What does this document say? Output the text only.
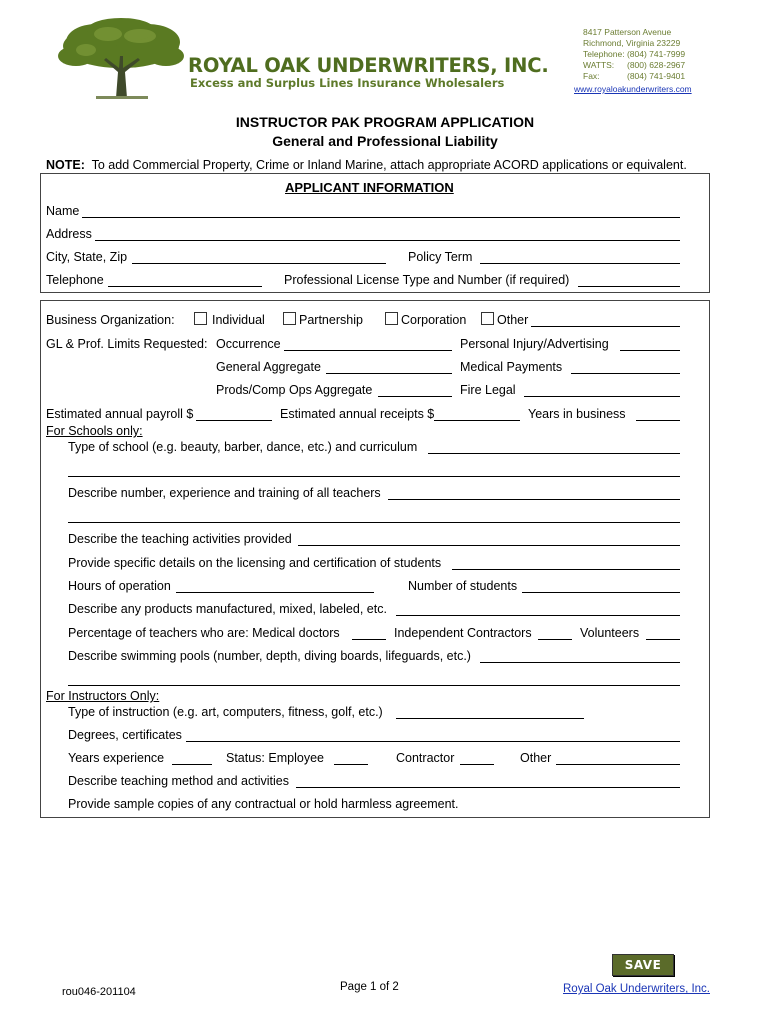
ROYAL OAK UNDERWRITERS, INC.
Excess and Surplus Lines Insurance Wholesalers
8417 Patterson Avenue
Richmond, Virginia 23229
Telephone: (804) 741-7999
WATTS: (800) 628-2967
Fax:	(804) 741-9401
www.royaloakunderwriters.com
INSTRUCTOR PAK PROGRAM APPLICATION
General and Professional Liability
NOTE: To add Commercial Property, Crime or Inland Marine, attach appropriate ACORD applications or equivalent.
APPLICANT INFORMATION
Name
Address
City, State, Zip	Policy Term
Telephone	Professional License Type and Number (if required)
Business Organization:	Individual	Partnership	Corporation Other
GL & Prof. Limits Requested: Occurrence	Personal Injury/Advertising
General Aggregate	Medical Payments
Prods/Comp Ops Aggregate	Fire Legal
Estimated annual payroll $	Estimated annual receipts $	Years in business
For Schools only:
Type of school (e.g. beauty, barber, dance, etc.) and curriculum
Describe number, experience and training of all teachers
Describe the teaching activities provided
Provide specific details on the licensing and certification of students
Hours of operation	Number of students
Describe any products manufactured, mixed, labeled, etc.
Percentage of teachers who are: Medical doctors	Independent Contractors	Volunteers
Describe swimming pools (number, depth, diving boards, lifeguards, etc.)
For Instructors Only:
Type of instruction (e.g. art, computers, fitness, golf, etc.)
Degrees, certificates
Years experience	Status: Employee	Contractor	Other
Describe teaching method and activities
Provide sample copies of any contractual or hold harmless agreement.
SAVE
rou046-201104	Page 1 of 2	Royal Oak Underwriters, Inc.
